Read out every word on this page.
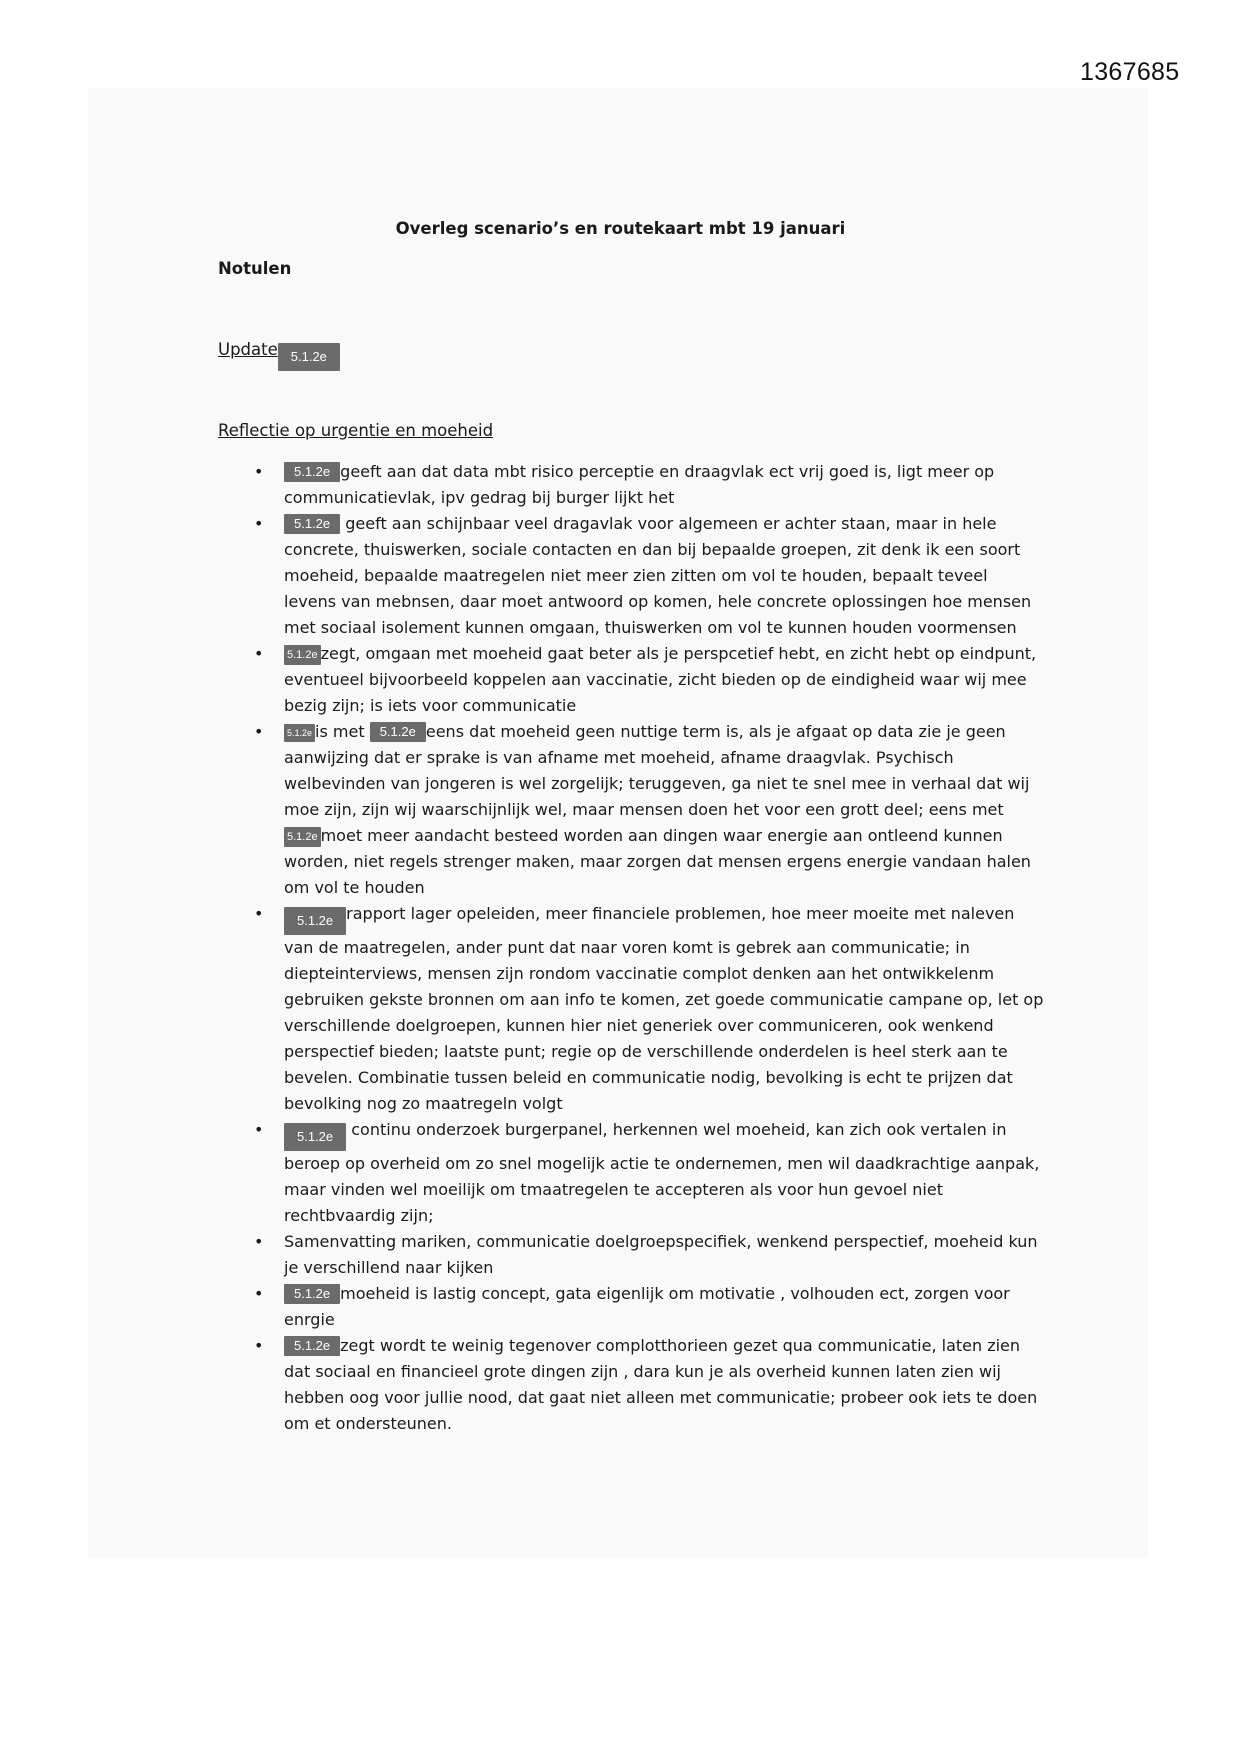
1367685
Overleg scenario’s en routekaart mbt 19 januari
Notulen
Update 5.1.2e
Reflectie op urgentie en moeheid
• 5.1.2e geeft aan dat data mbt risico perceptie en draagvlak ect vrij goed is, ligt meer op communicatievlak, ipv gedrag bij burger lijkt het
• 5.1.2e geeft aan schijnbaar veel dragavlak voor algemeen er achter staan, maar in hele concrete, thuiswerken, sociale contacten en dan bij bepaalde groepen, zit denk ik een soort moeheid, bepaalde maatregelen niet meer zien zitten om vol te houden, bepaalt teveel levens van mebnsen, daar moet antwoord op komen, hele concrete oplossingen hoe mensen met sociaal isolement kunnen omgaan, thuiswerken om vol te kunnen houden voormensen
• 5.1.2e zegt, omgaan met moeheid gaat beter als je perspcetief hebt, en zicht hebt op eindpunt, eventueel bijvoorbeeld koppelen aan vaccinatie, zicht bieden op de eindigheid waar wij mee bezig zijn; is iets voor communicatie
•	5.1.2e is met 5.1.2e eens dat moeheid geen nuttige term is, als je afgaat op data zie je geen aanwijzing dat er sprake is van afname met moeheid, afname draagvlak. Psychisch welbevinden van jongeren is wel zorgelijk; teruggeven, ga niet te snel mee in verhaal dat wij moe zijn, zijn wij waarschijnlijk wel, maar mensen doen het voor een grott deel; eens met 5.1.2e moet meer aandacht besteed worden aan dingen waar energie aan ontleend kunnen worden, niet regels strenger maken, maar zorgen dat mensen ergens energie vandaan halen om vol te houden
•	5.1.2e rapport lager opeleiden, meer financiele problemen, hoe meer moeite met naleven van de maatregelen, ander punt dat naar voren komt is gebrek aan communicatie; in diepteinterviews, mensen zijn rondom vaccinatie complot denken aan het ontwikkelenm gebruiken gekste bronnen om aan info te komen, zet goede communicatie campane op, let op verschillende doelgroepen, kunnen hier niet generiek over communiceren, ook wenkend perspectief bieden; laatste punt; regie op de verschillende onderdelen is heel sterk aan te bevelen. Combinatie tussen beleid en communicatie nodig, bevolking is echt te prijzen dat bevolking nog zo maatregeln volgt
•	5.1.2e continu onderzoek burgerpanel, herkennen wel moeheid, kan zich ook vertalen in beroep op overheid om zo snel mogelijk actie te ondernemen, men wil daadkrachtige aanpak, maar vinden wel moeilijk om tmaatregelen te accepteren als voor hun gevoel niet rechtbvaardig zijn;
• Samenvatting mariken, communicatie doelgroepspecifiek, wenkend perspectief, moeheid kun je verschillend naar kijken
• 5.1.2e moeheid is lastig concept, gata eigenlijk om motivatie , volhouden ect, zorgen voor enrgie
• 5.1.2e zegt wordt te weinig tegenover complotthorieen gezet qua communicatie, laten zien dat sociaal en financieel grote dingen zijn , dara kun je als overheid kunnen laten zien wij hebben oog voor jullie nood, dat gaat niet alleen met communicatie; probeer ook iets te doen om et ondersteunen.
